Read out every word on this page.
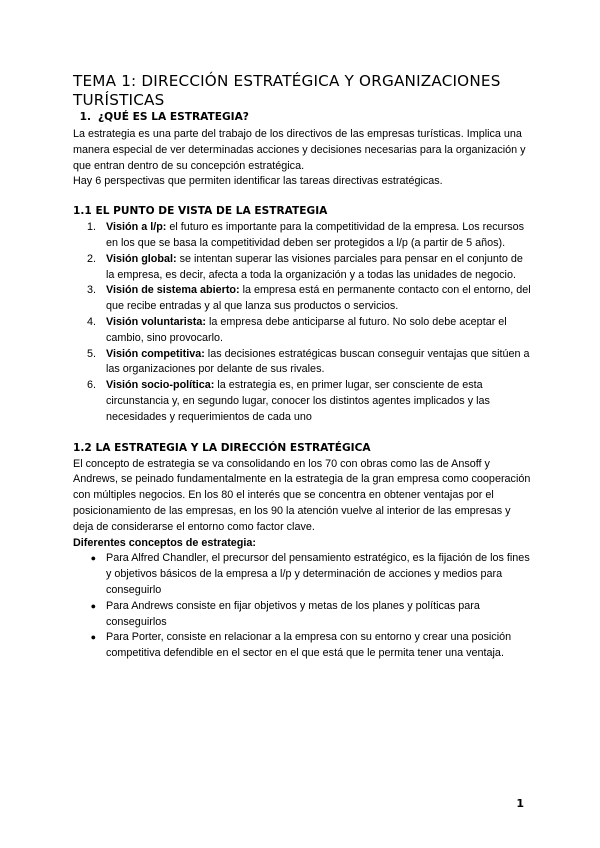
TEMA 1: DIRECCIÓN ESTRATÉGICA Y ORGANIZACIONES TURÍSTICAS
1. ¿QUÉ ES LA ESTRATEGIA?

La estrategia es una parte del trabajo de los directivos de las empresas turísticas. Implica una manera especial de ver determinadas acciones y decisiones necesarias para la organización y que entran dentro de su concepción estratégica.

Hay 6 perspectivas que permiten identificar las tareas directivas estratégicas.

1.1 EL PUNTO DE VISTA DE LA ESTRATEGIA
1. Visión a l/p: el futuro es importante para la competitividad de la empresa. Los recursos en los que se basa la competitividad deben ser protegidos a l/p (a partir de 5 años).
2. Visión global: se intentan superar las visiones parciales para pensar en el conjunto de la empresa, es decir, afecta a toda la organización y a todas las unidades de negocio.
3. Visión de sistema abierto: la empresa está en permanente contacto con el entorno, del que recibe entradas y al que lanza sus productos o servicios.
4. Visión voluntarista: la empresa debe anticiparse al futuro. No solo debe aceptar el cambio, sino provocarlo.
5. Visión competitiva: las decisiones estratégicas buscan conseguir ventajas que sitúen a las organizaciones por delante de sus rivales.
6. Visión socio-política: la estrategia es, en primer lugar, ser consciente de esta circunstancia y, en segundo lugar, conocer los distintos agentes implicados y las necesidades y requerimientos de cada uno
1.2 LA ESTRATEGIA Y LA DIRECCIÓN ESTRATÉGICA

El concepto de estrategia se va consolidando en los 70 con obras como las de Ansoff y Andrews, se peinado fundamentalmente en la estrategia de la gran empresa como cooperación con múltiples negocios. En los 80 el interés que se concentra en obtener ventajas por el posicionamiento de las empresas, en los 90 la atención vuelve al interior de las empresas y deja de considerarse el entorno como factor clave.

Diferentes conceptos de estrategia:

● Para Alfred Chandler, el precursor del pensamiento estratégico, es la fijación de los fines y objetivos básicos de la empresa a l/p y determinación de acciones y medios para conseguirlo
● Para Andrews consiste en fijar objetivos y metas de los planes y políticas para conseguirlos
● Para Porter, consiste en relacionar a la empresa con su entorno y crear una posición competitiva defendible en el sector en el que está que le permita tener una ventaja.
1
